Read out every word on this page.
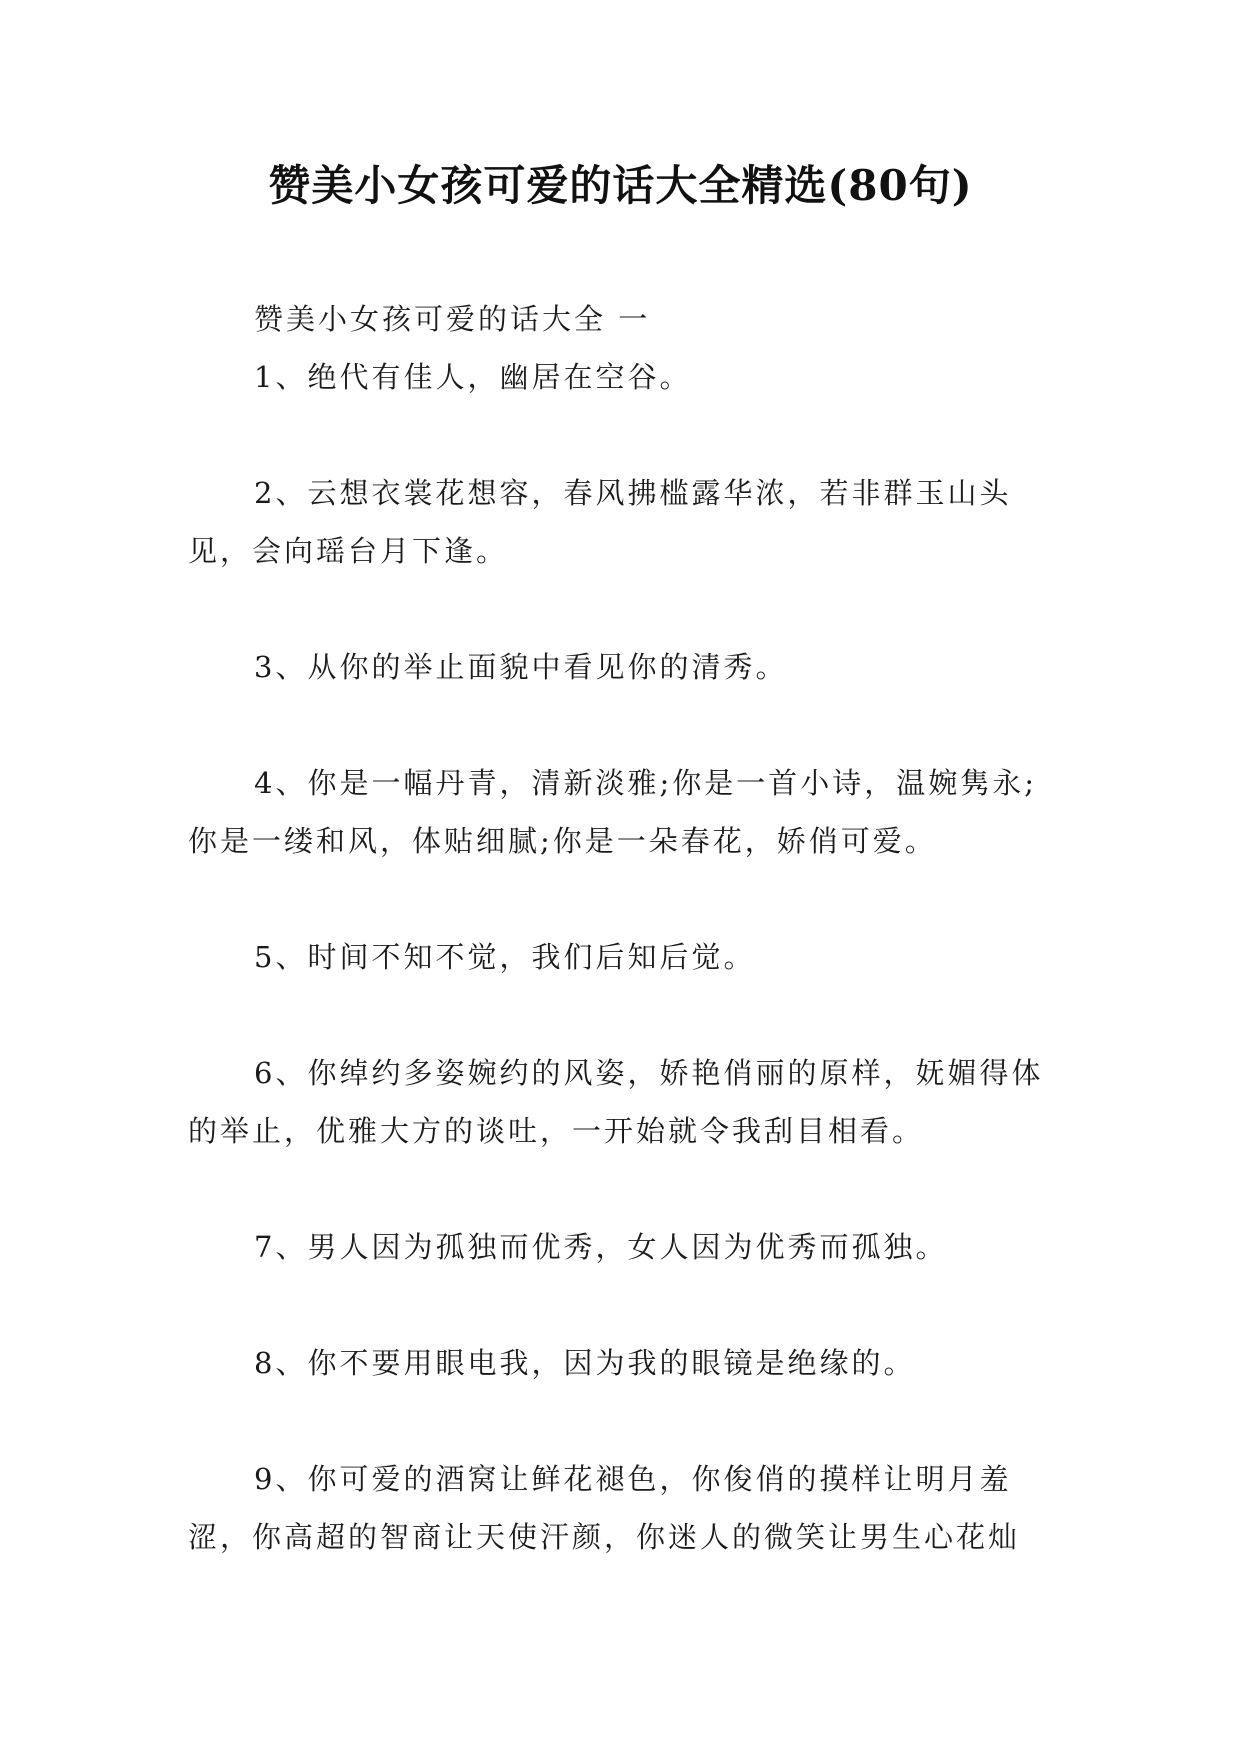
赞美小女孩可爱的话大全精选(80句)

赞美小女孩可爱的话大全 一

1、绝代有佳人，幽居在空谷。

2、云想衣裳花想容，春风拂槛露华浓，若非群玉山头见，会向瑶台月下逢。

3、从你的举止面貌中看见你的清秀。

4、你是一幅丹青，清新淡雅;你是一首小诗，温婉隽永;你是一缕和风，体贴细腻;你是一朵春花，娇俏可爱。

5、时间不知不觉，我们后知后觉。

6、你绰约多姿婉约的风姿，娇艳俏丽的原样，妩媚得体的举止，优雅大方的谈吐，一开始就令我刮目相看。

7、男人因为孤独而优秀，女人因为优秀而孤独。

8、你不要用眼电我，因为我的眼镜是绝缘的。

9、你可爱的酒窝让鲜花褪色，你俊俏的摸样让明月羞涩，你高超的智商让天使汗颜，你迷人的微笑让男生心花灿
